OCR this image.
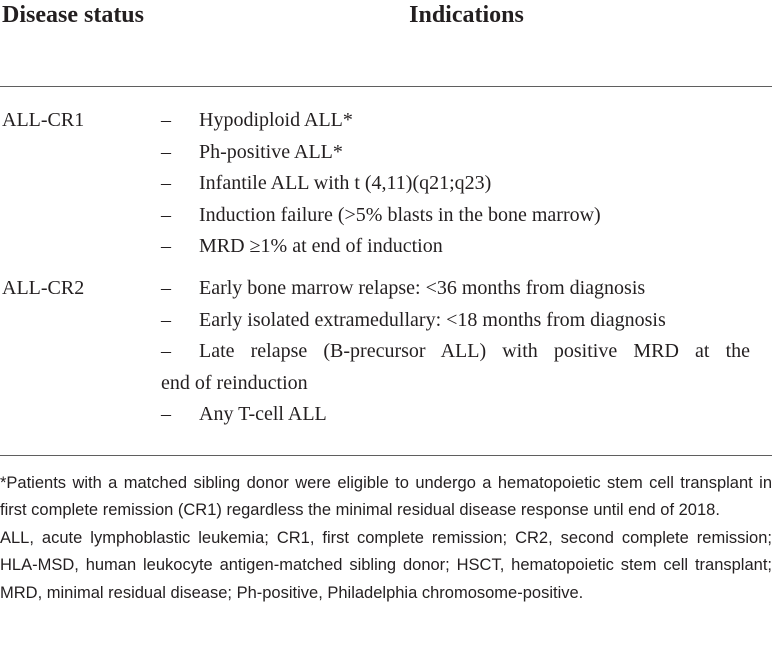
Disease status	Indications
ALL-CR1	– Hypodiploid ALL*
– Ph-positive ALL*
– Infantile ALL with t (4,11)(q21;q23)
– Induction failure (>5% blasts in the bone marrow)
– MRD ≥1% at end of induction
ALL-CR2	– Early bone marrow relapse: <36 months from diagnosis
– Early isolated extramedullary: <18 months from diagnosis
– Late relapse (B-precursor ALL) with positive MRD at the
end of reinduction
– Any T-cell ALL

*Patients with a matched sibling donor were eligible to undergo a hematopoietic stem cell transplant in first complete remission (CR1) regardless the minimal residual disease response until end of 2018.

ALL, acute lymphoblastic leukemia; CR1, first complete remission; CR2, second complete remission; HLA-MSD, human leukocyte antigen-matched sibling donor; HSCT, hematopoietic stem cell transplant; MRD, minimal residual disease; Ph-positive, Philadelphia chromosome-positive.
